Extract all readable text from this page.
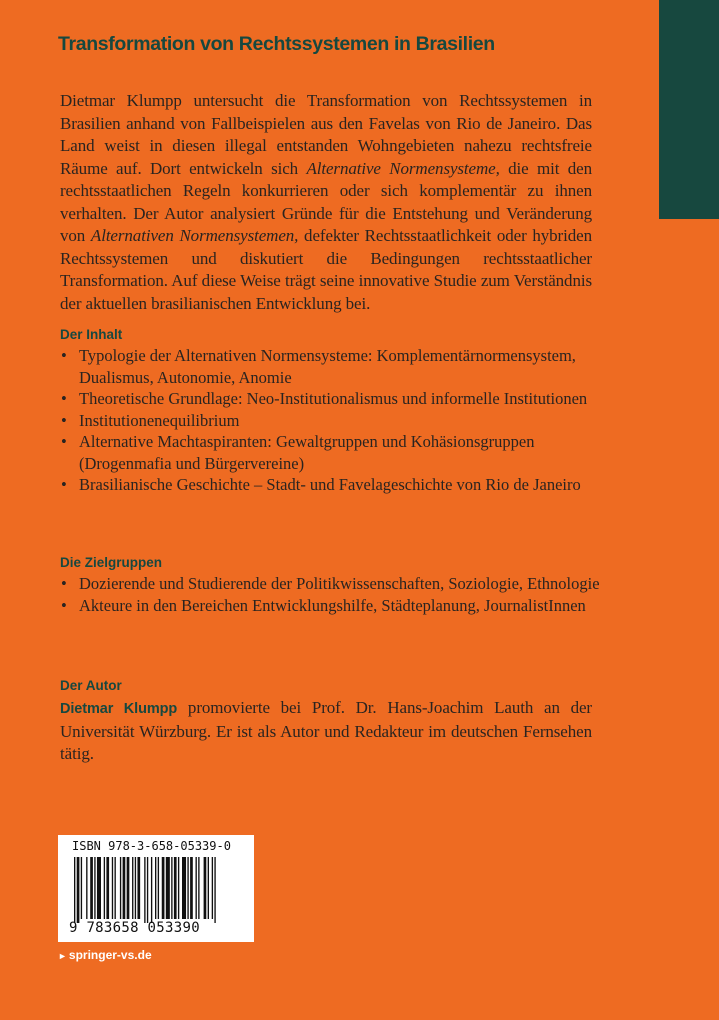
Transformation von Rechtssystemen in Brasilien

Dietmar Klumpp untersucht die Transformation von Rechtssystemen in Brasilien anhand von Fallbeispielen aus den Favelas von Rio de Janeiro. Das Land weist in diesen illegal entstanden Wohngebieten nahezu rechtsfreie Räume auf. Dort entwickeln sich Alternative Normensysteme, die mit den rechtsstaatlichen Regeln konkurrieren oder sich komplementär zu ihnen verhalten. Der Autor analysiert Gründe für die Entstehung und Veränderung von Alternativen Normensystemen, defekter Rechtsstaatlichkeit oder hybriden Rechtssystemen und diskutiert die Bedingungen rechtsstaatlicher Transformation. Auf diese Weise trägt seine innovative Studie zum Verständnis der aktuellen brasilianischen Entwicklung bei.

Der Inhalt
• Typologie der Alternativen Normensysteme: Komplementärnormensystem, Dualismus, Autonomie, Anomie
• Theoretische Grundlage: Neo-Institutionalismus und informelle Institutionen
• Institutionenequilibrium
• Alternative Machtaspiranten: Gewaltgruppen und Kohäsionsgruppen (Drogenmafia und Bürgervereine)
• Brasilianische Geschichte – Stadt- und Favelageschichte von Rio de Janeiro
Die Zielgruppen
• Dozierende und Studierende der Politikwissenschaften, Soziologie, Ethnologie
• Akteure in den Bereichen Entwicklungshilfe, Städteplanung, JournalistInnen
Der Autor

Dietmar Klumpp promovierte bei Prof. Dr. Hans-Joachim Lauth an der Universität Würzburg. Er ist als Autor und Redakteur im deutschen Fernsehen tätig.

ISBN 978-3-658-05339-0
9 783658 053390
► springer-vs.de
